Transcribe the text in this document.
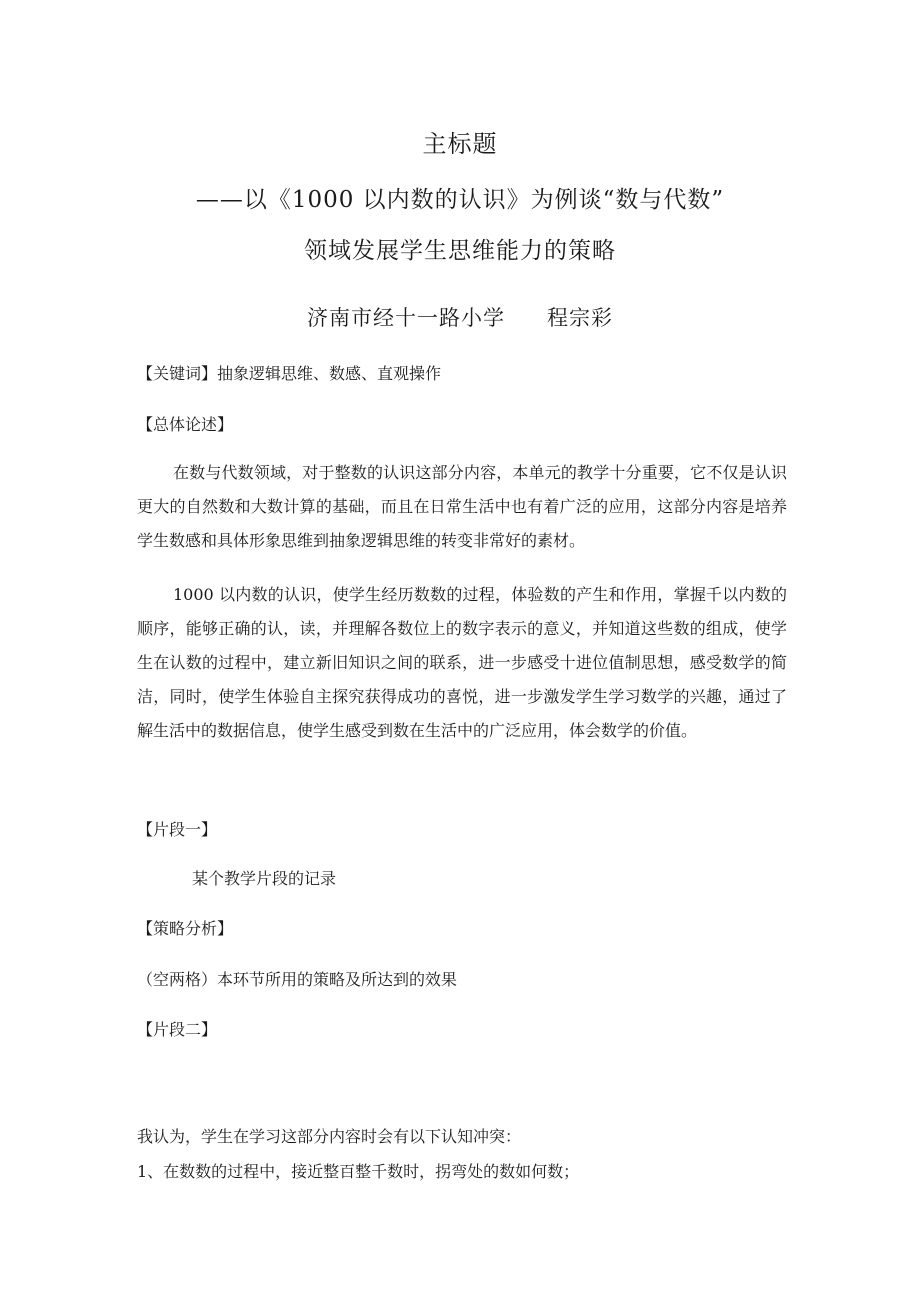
主标题
——以《1000 以内数的认识》为例谈“数与代数”
领域发展学生思维能力的策略
济南市经十一路小学 程宗彩
【关键词】抽象逻辑思维、数感、直观操作
【总体论述】

在数与代数领域，对于整数的认识这部分内容，本单元的教学十分重要，它不仅是认识更大的自然数和大数计算的基础，而且在日常生活中也有着广泛的应用，这部分内容是培养学生数感和具体形象思维到抽象逻辑思维的转变非常好的素材。

1000 以内数的认识，使学生经历数数的过程，体验数的产生和作用，掌握千以内数的顺序，能够正确的认，读，并理解各数位上的数字表示的意义，并知道这些数的组成，使学生在认数的过程中，建立新旧知识之间的联系，进一步感受十进位值制思想，感受数学的简洁，同时，使学生体验自主探究获得成功的喜悦，进一步激发学生学习数学的兴趣，通过了解生活中的数据信息，使学生感受到数在生活中的广泛应用，体会数学的价值。

【片段一】
某个教学片段的记录
【策略分析】
（空两格）本环节所用的策略及所达到的效果
【片段二】
我认为，学生在学习这部分内容时会有以下认知冲突：
1、在数数的过程中，接近整百整千数时，拐弯处的数如何数；
